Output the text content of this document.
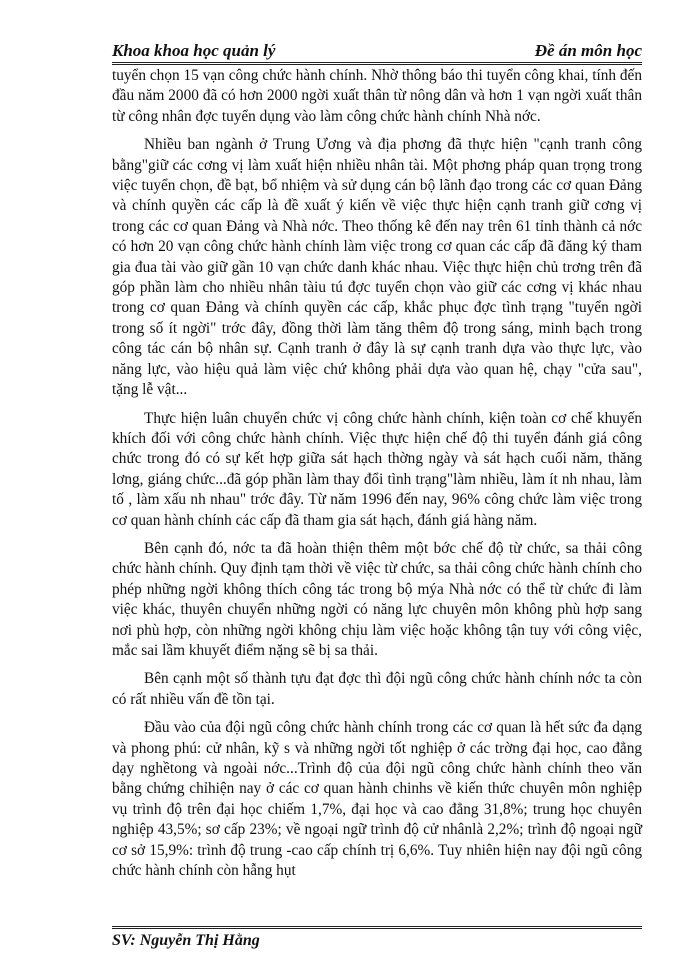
Khoa khoa học quản lý	Đề án môn học

tuyển chọn 15 vạn công chức hành chính. Nhờ thông báo thi tuyển công khai, tính đến đầu năm 2000 đã có hơn 2000 ngời xuất thân từ nông dân và hơn 1 vạn ngời xuất thân từ công nhân đợc tuyển dụng vào làm công chức hành chính Nhà nớc.

Nhiều ban ngành ở Trung Ương và địa phơng đã thực hiện "cạnh tranh công bằng"giữ các cơng vị làm xuất hiện nhiều nhân tài. Một phơng pháp quan trọng trong việc tuyển chọn, đề bạt, bổ nhiệm và sử dụng cán bộ lãnh đạo trong các cơ quan Đảng và chính quyền các cấp là đề xuất ý kiến về việc thực hiện cạnh tranh giữ cơng vị trong các cơ quan Đảng và Nhà nớc. Theo thống kê đến nay trên 61 tỉnh thành cả nớc có hơn 20 vạn công chức hành chính làm việc trong cơ quan các cấp đã đăng ký tham gia đua tài vào giữ gần 10 vạn chức danh khác nhau. Việc thực hiện chủ trơng trên đã góp phần làm cho nhiều nhân tàiu tú đợc tuyển chọn vào giữ các cơng vị khác nhau trong cơ quan Đảng và chính quyền các cấp, khắc phục đợc tình trạng "tuyển ngời trong số ít ngời" trớc đây, đồng thời làm tăng thêm độ trong sáng, minh bạch trong công tác cán bộ nhân sự. Cạnh tranh ở đây là sự cạnh tranh dựa vào thực lực, vào năng lực, vào hiệu quả làm việc chứ không phải dựa vào quan hệ, chạy "cửa sau", tặng lễ vật...

Thực hiện luân chuyển chức vị công chức hành chính, kiện toàn cơ chế khuyến khích đối với công chức hành chính. Việc thực hiện chế độ thi tuyển đánh giá công chức trong đó có sự kết hợp giữa sát hạch thờng ngày và sát hạch cuối năm, thăng lơng, giáng chức...đã góp phần làm thay đổi tình trạng"làm nhiều, làm ít nh nhau, làm tố , làm xấu nh nhau" trớc đây. Từ năm 1996 đến nay, 96% công chức làm việc trong cơ quan hành chính các cấp đã tham gia sát hạch, đánh giá hàng năm.

Bên cạnh đó, nớc ta đã hoàn thiện thêm một bớc chế độ từ chức, sa thải công chức hành chính. Quy định tạm thời về việc từ chức, sa thải công chức hành chính cho phép những ngời không thích công tác trong bộ mýa Nhà nớc có thể từ chức đi làm việc khác, thuyên chuyển những ngời có năng lực chuyên môn không phù hợp sang nơi phù hợp, còn những ngời không chịu làm việc hoặc không tận tuy với công việc, mắc sai lầm khuyết điểm nặng sẽ bị sa thải.

Bên cạnh một số thành tựu đạt đợc thì đội ngũ công chức hành chính nớc ta còn có rất nhiều vấn đề tồn tại.

Đầu vào của đội ngũ công chức hành chính trong các cơ quan là hết sức đa dạng và phong phú: cử nhân, kỹ s và những ngời tốt nghiệp ở các trờng đại học, cao đẳng dạy nghềtong và ngoài nớc...Trình độ của đội ngũ công chức hành chính theo văn bằng chứng chỉhiện nay ở các cơ quan hành chinhs về kiến thức chuyên môn nghiệp vụ trình độ trên đại học chiếm 1,7%, đại học và cao đẳng 31,8%; trung học chuyên nghiệp 43,5%; sơ cấp 23%; về ngoại ngữ trình độ cử nhânlà 2,2%; trình độ ngoại ngữ cơ sở 15,9%: trình độ trung -cao cấp chính trị 6,6%. Tuy nhiên hiện nay đội ngũ công chức hành chính còn hẫng hụt

SV: Nguyễn Thị Hằng
